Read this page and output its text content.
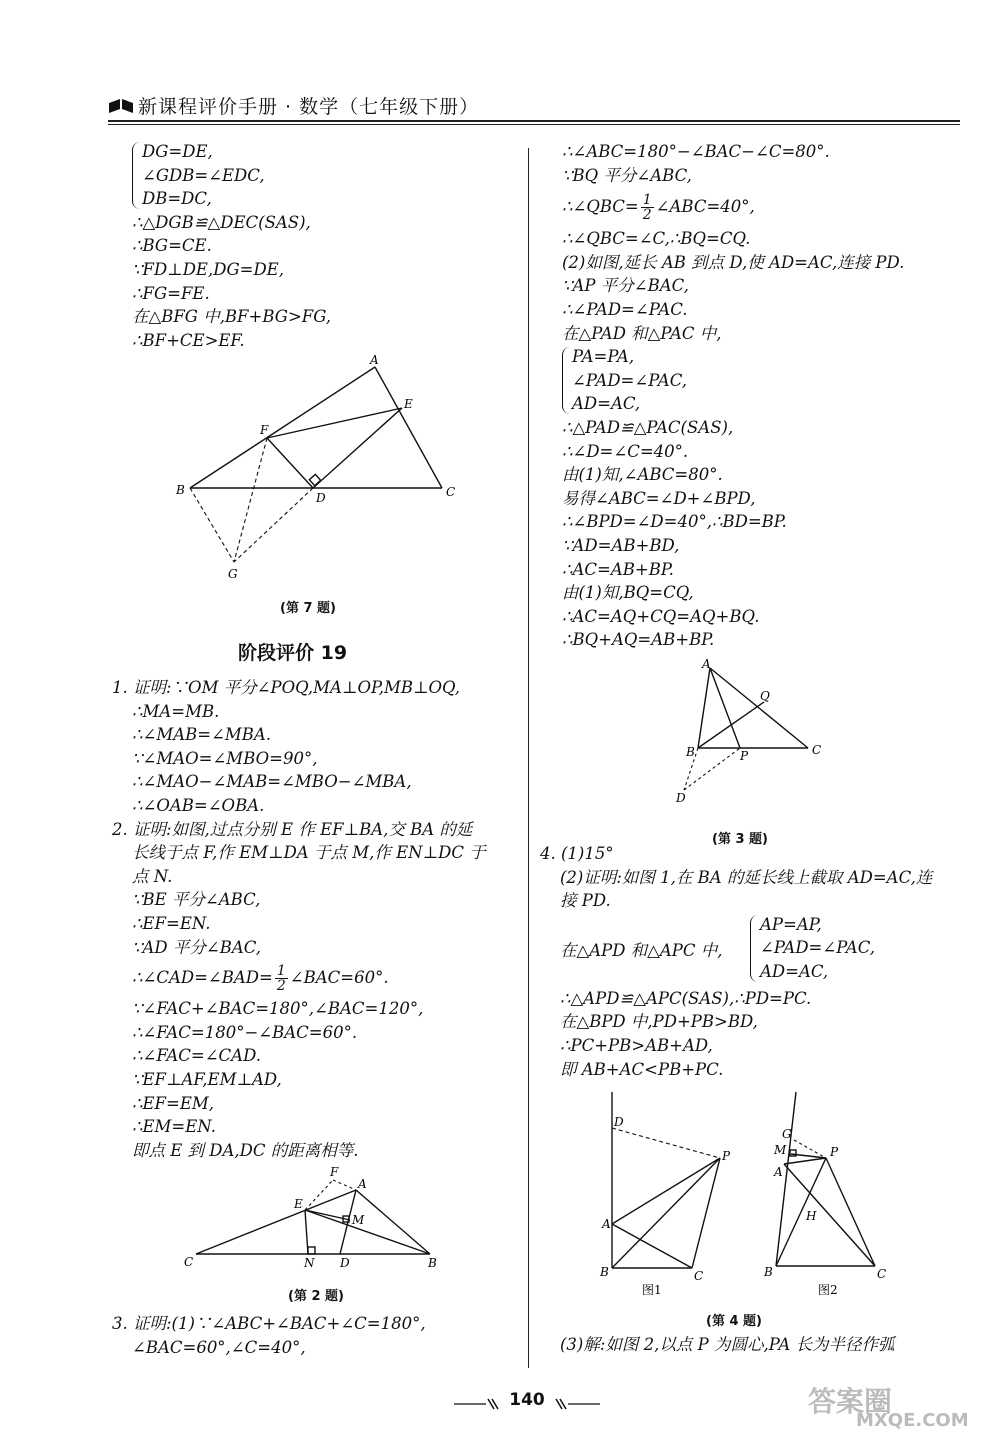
新课程评价手册 · 数学（七年级下册）
DG=DE,
∠GDB=∠EDC,
DB=DC,
∴△DGB≌△DEC(SAS),
∴BG=CE.
∵FD⊥DE,DG=DE,
∴FG=FE.
在△BFG 中,BF+BG>FG,
∴BF+CE>EF.
A
E
F
B
D	C
G
(第 7 题)
阶段评价 19
1. 证明:∵OM 平分∠POQ,MA⊥OP,MB⊥OQ,
∴MA=MB.
∴∠MAB=∠MBA.
∵∠MAO=∠MBO=90°,
∴∠MAO−∠MAB=∠MBO−∠MBA,
∴∠OAB=∠OBA.
2. 证明:如图,过点分别 E 作 EF⊥BA,交 BA 的延
长线于点 F,作 EM⊥DA 于点 M,作 EN⊥DC 于
点 N.
∵BE 平分∠ABC,
∴EF=EN.
∵AD 平分∠BAC,
∴∠CAD=∠BAD= $\frac{1}{2}$ ∠BAC=60°.
∵∠FAC+∠BAC=180°,∠BAC=120°,
∴∠FAC=180°−∠BAC=60°.
∴∠FAC=∠CAD.
∵EF⊥AF,EM⊥AD,
∴EF=EM,
∴EM=EN.
即点 E 到 DA,DC 的距离相等.
C	N D	B
E
F
A
M
(第 2 题)
3. 证明:(1)∵∠ABC+∠BAC+∠C=180°,
∠BAC=60°,∠C=40°,
∴∠ABC=180°−∠BAC−∠C=80°.
∵BQ 平分∠ABC,
∴∠QBC= $\frac{1}{2}$ ∠ABC=40°,
∴∠QBC=∠C,∴BQ=CQ.
(2)如图,延长 AB 到点 D,使 AD=AC,连接 PD.
∵AP 平分∠BAC,
∴∠PAD=∠PAC.
在△PAD 和△PAC 中,
PA=PA,
∠PAD=∠PAC,
AD=AC,
∴△PAD≌△PAC(SAS),
∴∠D=∠C=40°.
由(1)知,∠ABC=80°.
易得∠ABC=∠D+∠BPD,
∴∠BPD=∠D=40°,∴BD=BP.
∵AD=AB+BD,
∴AC=AB+BP.
由(1)知,BQ=CQ,
∴AC=AQ+CQ=AQ+BQ.
∴BQ+AQ=AB+BP.
A
Q
B	P	C
D
(第 3 题)
4. (1)15°
(2)证明:如图 1,在 BA 的延长线上截取 AD=AC,连
接 PD.
在△APD 和△APC 中,
AP=AP,
∠PAD=∠PAC,
AD=AC,
∴△APD≌△APC(SAS),∴PD=PC.
在△BPD 中,PD+PB>BD,
∴PC+PB>AB+AD,
即 AB+AC<PB+PC.
D
P
A
B	C
图1
G
M	P
A
H
B	C
图2
(第 4 题)
(3)解:如图 2,以点 P 为圆心,PA 长为半径作弧
140	答案圈
MXQE.COM
